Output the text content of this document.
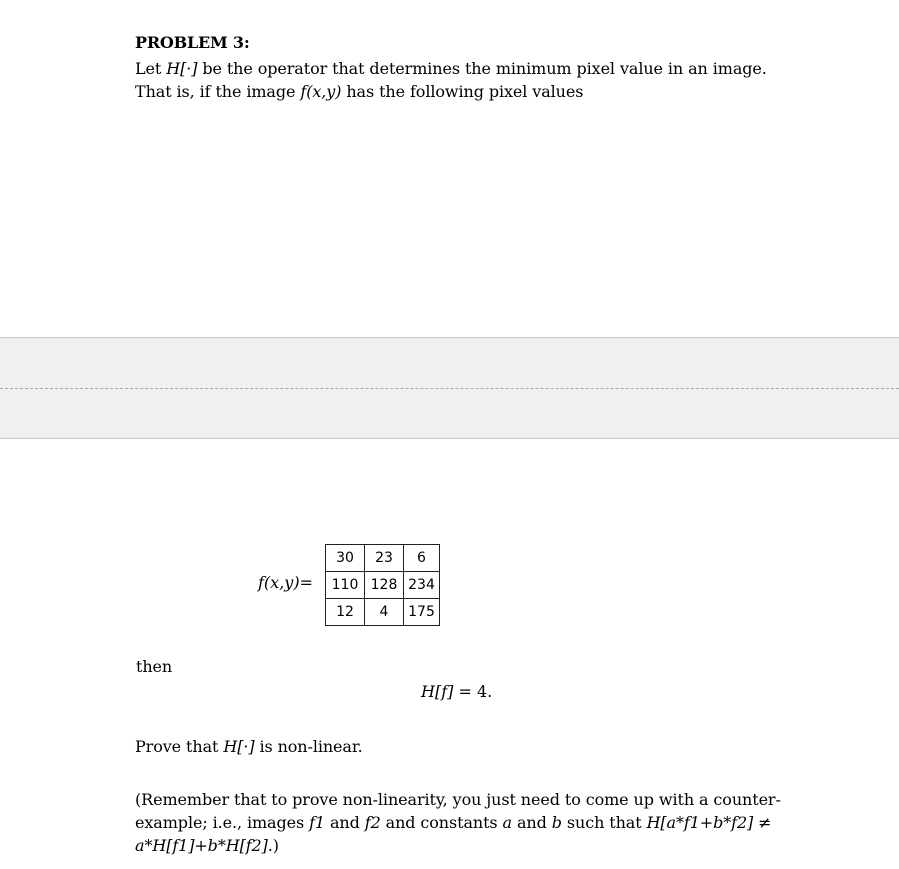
PROBLEM 3:
Let H[·] be the operator that determines the minimum pixel value in an image.
That is, if the image f(x,y) has the following pixel values
f(x,y)=
30	23	6
110	128	234
12	4	175
then
H[f] = 4.
Prove that H[·] is non-linear.
(Remember that to prove non-linearity, you just need to come up with a counter-
example; i.e., images f1 and f2 and constants a and b such that H[a*f1+b*f2] ≠
a*H[f1]+b*H[f2].)
